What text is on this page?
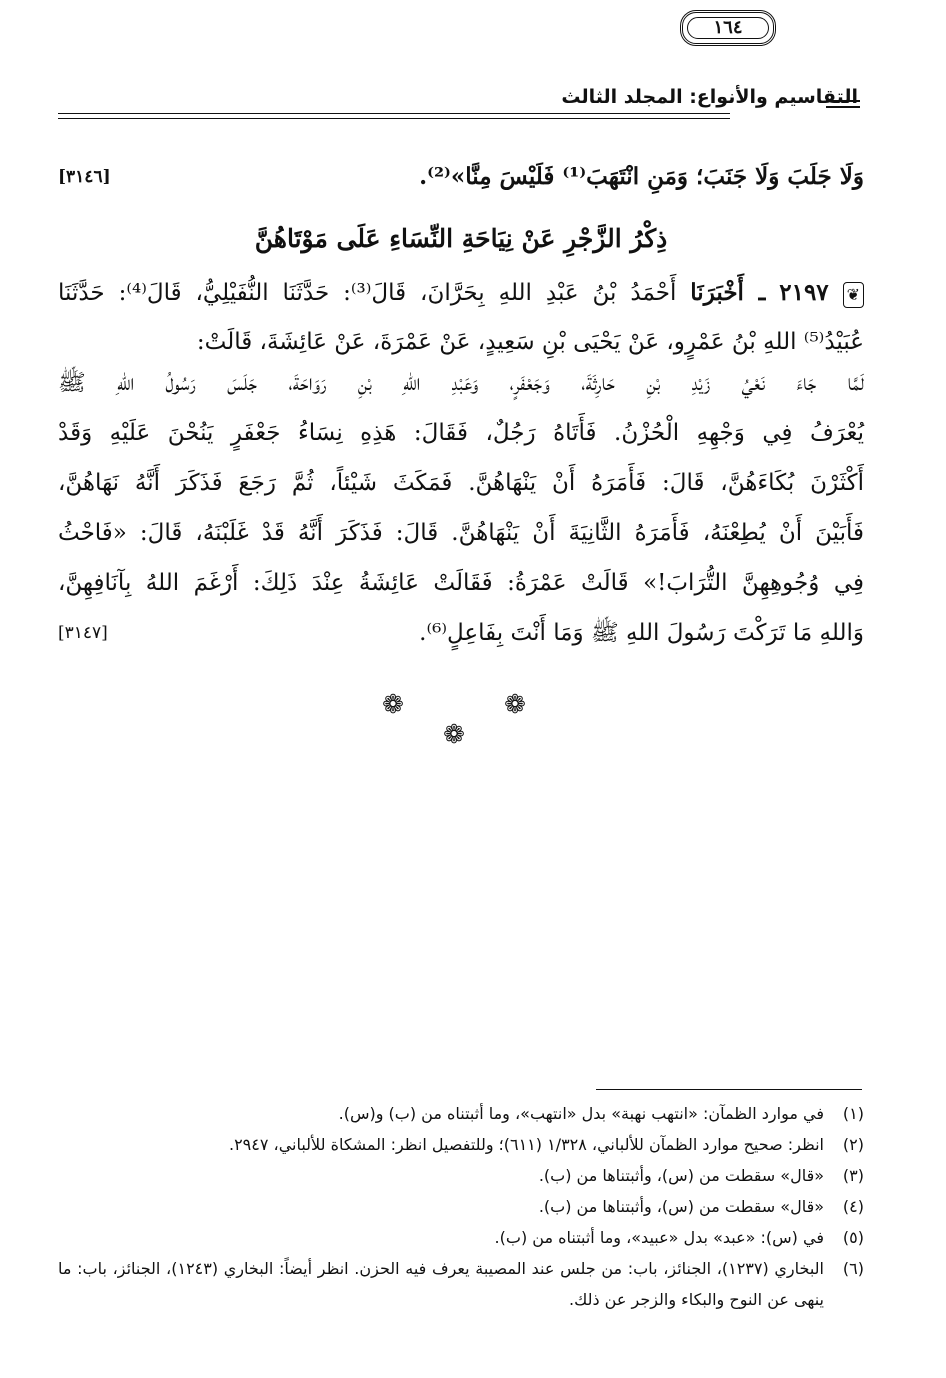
التقاسيم والأنواع: المجلد الثالث
١٦٤
وَلَا جَلَبَ وَلَا جَنَبَ؛ وَمَنِ انْتَهَبَ⁽¹⁾ فَلَيْسَ مِنَّا»⁽²⁾.
[٣١٤٦]
ذِكْرُ الزَّجْرِ عَنْ نِيَاحَةِ النِّسَاءِ عَلَى مَوْتَاهُنَّ
❦ ٢١٩٧ ـ أَخْبَرَنَا أَحْمَدُ بْنُ عَبْدِ اللهِ بِحَرَّانَ، قَالَ⁽³⁾: حَدَّثَنَا النُّفَيْلِيُّ، قَالَ⁽⁴⁾: حَدَّثَنَا
عُبَيْدُ⁽⁵⁾ اللهِ بْنُ عَمْرٍو، عَنْ يَحْيَى بْنِ سَعِيدٍ، عَنْ عَمْرَةَ، عَنْ عَائِشَةَ، قَالَتْ:
لَمَّا جَاءَ نَعْيُ زَيْدِ بْنِ حَارِثَةَ، وَجَعْفَرٍ، وَعَبْدِ اللهِ بْنِ رَوَاحَةَ، جَلَسَ رَسُولُ اللهِ ﷺ
يُعْرَفُ فِي وَجْهِهِ الْحُزْنُ. فَأَتَاهُ رَجُلٌ، فَقَالَ: هَذِهِ نِسَاءُ جَعْفَرٍ يَنُحْنَ عَلَيْهِ وَقَدْ
أَكْثَرْنَ بُكَاءَهُنَّ، قَالَ: فَأَمَرَهُ أَنْ يَنْهَاهُنَّ. فَمَكَثَ شَيْئاً، ثُمَّ رَجَعَ فَذَكَرَ أَنَّهُ نَهَاهُنَّ،
فَأَبَيْنَ أَنْ يُطِعْنَهُ، فَأَمَرَهُ الثَّانِيَةَ أَنْ يَنْهَاهُنَّ. قَالَ: فَذَكَرَ أَنَّهُ قَدْ غَلَبْنَهُ، قَالَ: «فَاحْثُ
فِي وُجُوهِهِنَّ التُّرَابَ!» قَالَتْ عَمْرَةُ: فَقَالَتْ عَائِشَةُ عِنْدَ ذَلِكَ: أَرْغَمَ اللهُ بِآنَافِهِنَّ،
وَاللهِ مَا تَرَكْتَ رَسُولَ اللهِ ﷺ وَمَا أَنْتَ بِفَاعِلٍ⁽⁶⁾.
[٣١٤٧]
❁	❁
❁
(١)
في موارد الظمآن: «انتهب نهبة» بدل «انتهب»، وما أثبتناه من (ب) و(س).
(٢)
انظر: صحيح موارد الظمآن للألباني، ١/٣٢٨ (٦١١)؛ وللتفصيل انظر: المشكاة للألباني، ٢٩٤٧.
(٣)
«قال» سقطت من (س)، وأثبتناها من (ب).
(٤)
«قال» سقطت من (س)، وأثبتناها من (ب).
(٥)
في (س): «عبد» بدل «عبيد»، وما أثبتناه من (ب).
(٦)
البخاري (١٢٣٧)، الجنائز، باب: من جلس عند المصيبة يعرف فيه الحزن. انظر أيضاً: البخاري (١٢٤٣)، الجنائز، باب: ما ينهى عن النوح والبكاء والزجر عن ذلك.
